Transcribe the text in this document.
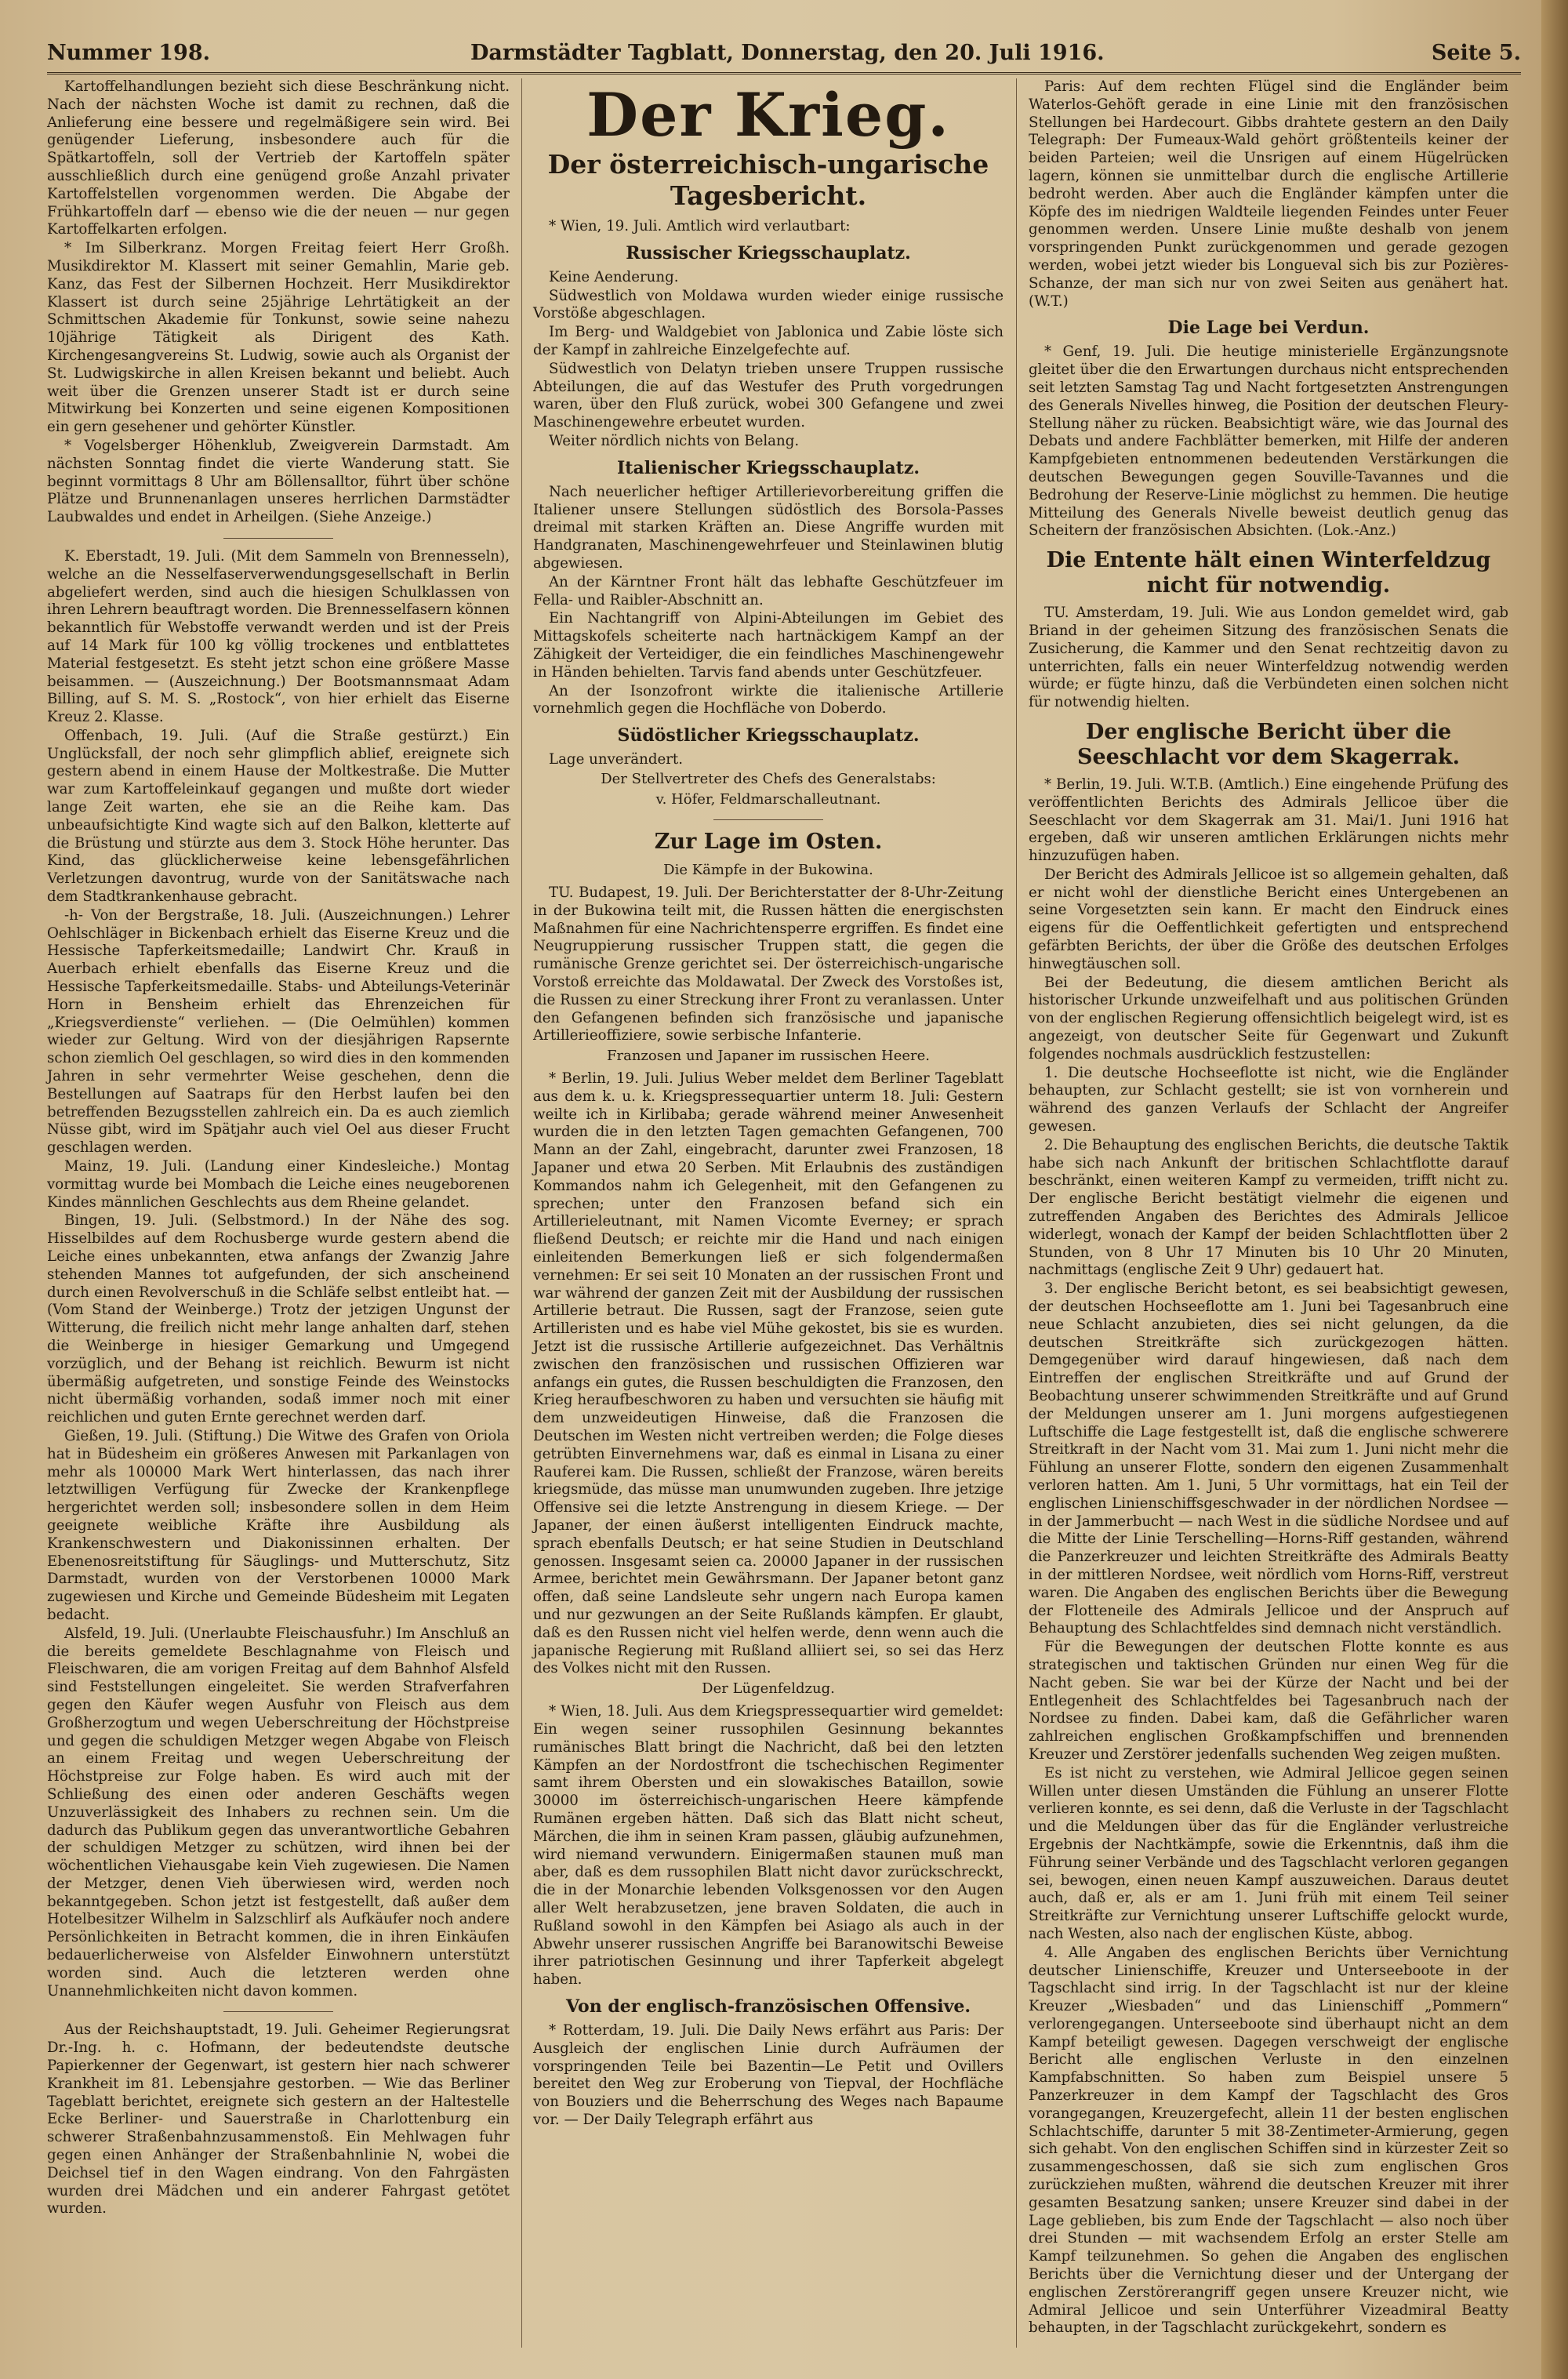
Nummer 198.	Darmstädter Tagblatt, Donnerstag, den 20. Juli 1916.	Seite 5.

Kartoffelhandlungen bezieht sich diese Beschränkung nicht. Nach der nächsten Woche ist damit zu rechnen, daß die Anlieferung eine bessere und regelmäßigere sein wird. Bei genügender Lieferung, insbesondere auch für die Spätkartoffeln, soll der Vertrieb der Kartoffeln später ausschließlich durch eine genügend große Anzahl privater Kartoffelstellen vorgenommen werden. Die Abgabe der Frühkartoffeln darf — ebenso wie die der neuen — nur gegen Kartoffelkarten erfolgen.

* Im Silberkranz. Morgen Freitag feiert Herr Großh. Musikdirektor M. Klassert mit seiner Gemahlin, Marie geb. Kanz, das Fest der Silbernen Hochzeit. Herr Musikdirektor Klassert ist durch seine 25jährige Lehrtätigkeit an der Schmittschen Akademie für Tonkunst, sowie seine nahezu 10jährige Tätigkeit als Dirigent des Kath. Kirchengesangvereins St. Ludwig, sowie auch als Organist der St. Ludwigskirche in allen Kreisen bekannt und beliebt. Auch weit über die Grenzen unserer Stadt ist er durch seine Mitwirkung bei Konzerten und seine eigenen Kompositionen ein gern gesehener und gehörter Künstler.

* Vogelsberger Höhenklub, Zweigverein Darmstadt. Am nächsten Sonntag findet die vierte Wanderung statt. Sie beginnt vormittags 8 Uhr am Böllensalltor, führt über schöne Plätze und Brunnenanlagen unseres herrlichen Darmstädter Laubwaldes und endet in Arheilgen. (Siehe Anzeige.)

K. Eberstadt, 19. Juli. (Mit dem Sammeln von Brennesseln), welche an die Nesselfaserverwendungsgesellschaft in Berlin abgeliefert werden, sind auch die hiesigen Schulklassen von ihren Lehrern beauftragt worden. Die Brennesselfasern können bekanntlich für Webstoffe verwandt werden und ist der Preis auf 14 Mark für 100 kg völlig trockenes und entblattetes Material festgesetzt. Es steht jetzt schon eine größere Masse beisammen. — (Auszeichnung.) Der Bootsmannsmaat Adam Billing, auf S. M. S. „Rostock“, von hier erhielt das Eiserne Kreuz 2. Klasse.

Offenbach, 19. Juli. (Auf die Straße gestürzt.) Ein Unglücksfall, der noch sehr glimpflich ablief, ereignete sich gestern abend in einem Hause der Moltkestraße. Die Mutter war zum Kartoffeleinkauf gegangen und mußte dort wieder lange Zeit warten, ehe sie an die Reihe kam. Das unbeaufsichtigte Kind wagte sich auf den Balkon, kletterte auf die Brüstung und stürzte aus dem 3. Stock Höhe herunter. Das Kind, das glücklicherweise keine lebensgefährlichen Verletzungen davontrug, wurde von der Sanitätswache nach dem Stadtkrankenhause gebracht.

-h- Von der Bergstraße, 18. Juli. (Auszeichnungen.) Lehrer Oehlschläger in Bickenbach erhielt das Eiserne Kreuz und die Hessische Tapferkeitsmedaille; Landwirt Chr. Krauß in Auerbach erhielt ebenfalls das Eiserne Kreuz und die Hessische Tapferkeitsmedaille. Stabs- und Abteilungs-Veterinär Horn in Bensheim erhielt das Ehrenzeichen für „Kriegsverdienste“ verliehen. — (Die Oelmühlen) kommen wieder zur Geltung. Wird von der diesjährigen Rapsernte schon ziemlich Oel geschlagen, so wird dies in den kommenden Jahren in sehr vermehrter Weise geschehen, denn die Bestellungen auf Saatraps für den Herbst laufen bei den betreffenden Bezugsstellen zahlreich ein. Da es auch ziemlich Nüsse gibt, wird im Spätjahr auch viel Oel aus dieser Frucht geschlagen werden.

Mainz, 19. Juli. (Landung einer Kindesleiche.) Montag vormittag wurde bei Mombach die Leiche eines neugeborenen Kindes männlichen Geschlechts aus dem Rheine gelandet.

Bingen, 19. Juli. (Selbstmord.) In der Nähe des sog. Hisselbildes auf dem Rochusberge wurde gestern abend die Leiche eines unbekannten, etwa anfangs der Zwanzig Jahre stehenden Mannes tot aufgefunden, der sich anscheinend durch einen Revolverschuß in die Schläfe selbst entleibt hat. — (Vom Stand der Weinberge.) Trotz der jetzigen Ungunst der Witterung, die freilich nicht mehr lange anhalten darf, stehen die Weinberge in hiesiger Gemarkung und Umgegend vorzüglich, und der Behang ist reichlich. Bewurm ist nicht übermäßig aufgetreten, und sonstige Feinde des Weinstocks nicht übermäßig vorhanden, sodaß immer noch mit einer reichlichen und guten Ernte gerechnet werden darf.

Gießen, 19. Juli. (Stiftung.) Die Witwe des Grafen von Oriola hat in Büdesheim ein größeres Anwesen mit Parkanlagen von mehr als 100000 Mark Wert hinterlassen, das nach ihrer letztwilligen Verfügung für Zwecke der Krankenpflege hergerichtet werden soll; insbesondere sollen in dem Heim geeignete weibliche Kräfte ihre Ausbildung als Krankenschwestern und Diakonissinnen erhalten. Der Ebenenosreitstiftung für Säuglings- und Mutterschutz, Sitz Darmstadt, wurden von der Verstorbenen 10000 Mark zugewiesen und Kirche und Gemeinde Büdesheim mit Legaten bedacht.

Alsfeld, 19. Juli. (Unerlaubte Fleischausfuhr.) Im Anschluß an die bereits gemeldete Beschlagnahme von Fleisch und Fleischwaren, die am vorigen Freitag auf dem Bahnhof Alsfeld sind Feststellungen eingeleitet. Sie werden Strafverfahren gegen den Käufer wegen Ausfuhr von Fleisch aus dem Großherzogtum und wegen Ueberschreitung der Höchstpreise und gegen die schuldigen Metzger wegen Abgabe von Fleisch an einem Freitag und wegen Ueberschreitung der Höchstpreise zur Folge haben. Es wird auch mit der Schließung des einen oder anderen Geschäfts wegen Unzuverlässigkeit des Inhabers zu rechnen sein. Um die dadurch das Publikum gegen das unverantwortliche Gebahren der schuldigen Metzger zu schützen, wird ihnen bei der wöchentlichen Viehausgabe kein Vieh zugewiesen. Die Namen der Metzger, denen Vieh überwiesen wird, werden noch bekanntgegeben. Schon jetzt ist festgestellt, daß außer dem Hotelbesitzer Wilhelm in Salzschlirf als Aufkäufer noch andere Persönlichkeiten in Betracht kommen, die in ihren Einkäufen bedauerlicherweise von Alsfelder Einwohnern unterstützt worden sind. Auch die letzteren werden ohne Unannehmlichkeiten nicht davon kommen.

Aus der Reichshauptstadt, 19. Juli. Geheimer Regierungsrat Dr.-Ing. h. c. Hofmann, der bedeutendste deutsche Papierkenner der Gegenwart, ist gestern hier nach schwerer Krankheit im 81. Lebensjahre gestorben. — Wie das Berliner Tageblatt berichtet, ereignete sich gestern an der Haltestelle Ecke Berliner- und Sauerstraße in Charlottenburg ein schwerer Straßenbahnzusammenstoß. Ein Mehlwagen fuhr gegen einen Anhänger der Straßenbahnlinie N, wobei die Deichsel tief in den Wagen eindrang. Von den Fahrgästen wurden drei Mädchen und ein anderer Fahrgast getötet wurden.

Der Krieg.
Der österreichisch-ungarische Tagesbericht.

* Wien, 19. Juli. Amtlich wird verlautbart:

Russischer Kriegsschauplatz.

Keine Aenderung.

Südwestlich von Moldawa wurden wieder einige russische Vorstöße abgeschlagen.

Im Berg- und Waldgebiet von Jablonica und Zabie löste sich der Kampf in zahlreiche Einzelgefechte auf.

Südwestlich von Delatyn trieben unsere Truppen russische Abteilungen, die auf das Westufer des Pruth vorgedrungen waren, über den Fluß zurück, wobei 300 Gefangene und zwei Maschinengewehre erbeutet wurden.

Weiter nördlich nichts von Belang.

Italienischer Kriegsschauplatz.

Nach neuerlicher heftiger Artillerievorbereitung griffen die Italiener unsere Stellungen südöstlich des Borsola-Passes dreimal mit starken Kräften an. Diese Angriffe wurden mit Handgranaten, Maschinengewehrfeuer und Steinlawinen blutig abgewiesen.

An der Kärntner Front hält das lebhafte Geschützfeuer im Fella- und Raibler-Abschnitt an.

Ein Nachtangriff von Alpini-Abteilungen im Gebiet des Mittagskofels scheiterte nach hartnäckigem Kampf an der Zähigkeit der Verteidiger, die ein feindliches Maschinengewehr in Händen behielten. Tarvis fand abends unter Geschützfeuer.

An der Isonzofront wirkte die italienische Artillerie vornehmlich gegen die Hochfläche von Doberdo.

Südöstlicher Kriegsschauplatz.

Lage unverändert.

Der Stellvertreter des Chefs des Generalstabs:
v. Höfer, Feldmarschalleutnant.
Zur Lage im Osten.
Die Kämpfe in der Bukowina.

TU. Budapest, 19. Juli. Der Berichterstatter der 8-Uhr-Zeitung in der Bukowina teilt mit, die Russen hätten die energischsten Maßnahmen für eine Nachrichtensperre ergriffen. Es findet eine Neugruppierung russischer Truppen statt, die gegen die rumänische Grenze gerichtet sei. Der österreichisch-ungarische Vorstoß erreichte das Moldawatal. Der Zweck des Vorstoßes ist, die Russen zu einer Streckung ihrer Front zu veranlassen. Unter den Gefangenen befinden sich französische und japanische Artillerieoffiziere, sowie serbische Infanterie.

Franzosen und Japaner im russischen Heere.

* Berlin, 19. Juli. Julius Weber meldet dem Berliner Tageblatt aus dem k. u. k. Kriegspressequartier unterm 18. Juli: Gestern weilte ich in Kirlibaba; gerade während meiner Anwesenheit wurden die in den letzten Tagen gemachten Gefangenen, 700 Mann an der Zahl, eingebracht, darunter zwei Franzosen, 18 Japaner und etwa 20 Serben. Mit Erlaubnis des zuständigen Kommandos nahm ich Gelegenheit, mit den Gefangenen zu sprechen; unter den Franzosen befand sich ein Artillerieleutnant, mit Namen Vicomte Everney; er sprach fließend Deutsch; er reichte mir die Hand und nach einigen einleitenden Bemerkungen ließ er sich folgendermaßen vernehmen: Er sei seit 10 Monaten an der russischen Front und war während der ganzen Zeit mit der Ausbildung der russischen Artillerie betraut. Die Russen, sagt der Franzose, seien gute Artilleristen und es habe viel Mühe gekostet, bis sie es wurden. Jetzt ist die russische Artillerie aufgezeichnet. Das Verhältnis zwischen den französischen und russischen Offizieren war anfangs ein gutes, die Russen beschuldigten die Franzosen, den Krieg heraufbeschworen zu haben und versuchten sie häufig mit dem unzweideutigen Hinweise, daß die Franzosen die Deutschen im Westen nicht vertreiben werden; die Folge dieses getrübten Einvernehmens war, daß es einmal in Lisana zu einer Rauferei kam. Die Russen, schließt der Franzose, wären bereits kriegsmüde, das müsse man unumwunden zugeben. Ihre jetzige Offensive sei die letzte Anstrengung in diesem Kriege. — Der Japaner, der einen äußerst intelligenten Eindruck machte, sprach ebenfalls Deutsch; er hat seine Studien in Deutschland genossen. Insgesamt seien ca. 20000 Japaner in der russischen Armee, berichtet mein Gewährsmann. Der Japaner betont ganz offen, daß seine Landsleute sehr ungern nach Europa kamen und nur gezwungen an der Seite Rußlands kämpfen. Er glaubt, daß es den Russen nicht viel helfen werde, denn wenn auch die japanische Regierung mit Rußland alliiert sei, so sei das Herz des Volkes nicht mit den Russen.

Der Lügenfeldzug.

* Wien, 18. Juli. Aus dem Kriegspressequartier wird gemeldet: Ein wegen seiner russophilen Gesinnung bekanntes rumänisches Blatt bringt die Nachricht, daß bei den letzten Kämpfen an der Nordostfront die tschechischen Regimenter samt ihrem Obersten und ein slowakisches Bataillon, sowie 30000 im österreichisch-ungarischen Heere kämpfende Rumänen ergeben hätten. Daß sich das Blatt nicht scheut, Märchen, die ihm in seinen Kram passen, gläubig aufzunehmen, wird niemand verwundern. Einigermaßen staunen muß man aber, daß es dem russophilen Blatt nicht davor zurückschreckt, die in der Monarchie lebenden Volksgenossen vor den Augen aller Welt herabzusetzen, jene braven Soldaten, die auch in Rußland sowohl in den Kämpfen bei Asiago als auch in der Abwehr unserer russischen Angriffe bei Baranowitschi Beweise ihrer patriotischen Gesinnung und ihrer Tapferkeit abgelegt haben.

Von der englisch-französischen Offensive.

* Rotterdam, 19. Juli. Die Daily News erfährt aus Paris: Der Ausgleich der englischen Linie durch Aufräumen der vorspringenden Teile bei Bazentin—Le Petit und Ovillers bereitet den Weg zur Eroberung von Tiepval, der Hochfläche von Bouziers und die Beherrschung des Weges nach Bapaume vor. — Der Daily Telegraph erfährt aus

Paris: Auf dem rechten Flügel sind die Engländer beim Waterlos-Gehöft gerade in eine Linie mit den französischen Stellungen bei Hardecourt. Gibbs drahtete gestern an den Daily Telegraph: Der Fumeaux-Wald gehört größtenteils keiner der beiden Parteien; weil die Unsrigen auf einem Hügelrücken lagern, können sie unmittelbar durch die englische Artillerie bedroht werden. Aber auch die Engländer kämpfen unter die Köpfe des im niedrigen Waldteile liegenden Feindes unter Feuer genommen werden. Unsere Linie mußte deshalb von jenem vorspringenden Punkt zurückgenommen und gerade gezogen werden, wobei jetzt wieder bis Longueval sich bis zur Pozières-Schanze, der man sich nur von zwei Seiten aus genähert hat. (W.T.)

Die Lage bei Verdun.

* Genf, 19. Juli. Die heutige ministerielle Ergänzungsnote gleitet über die den Erwartungen durchaus nicht entsprechenden seit letzten Samstag Tag und Nacht fortgesetzten Anstrengungen des Generals Nivelles hinweg, die Position der deutschen Fleury-Stellung näher zu rücken. Beabsichtigt wäre, wie das Journal des Debats und andere Fachblätter bemerken, mit Hilfe der anderen Kampfgebieten entnommenen bedeutenden Verstärkungen die deutschen Bewegungen gegen Souville-Tavannes und die Bedrohung der Reserve-Linie möglichst zu hemmen. Die heutige Mitteilung des Generals Nivelle beweist deutlich genug das Scheitern der französischen Absichten. (Lok.-Anz.)

Die Entente hält einen Winterfeldzug nicht für notwendig.

TU. Amsterdam, 19. Juli. Wie aus London gemeldet wird, gab Briand in der geheimen Sitzung des französischen Senats die Zusicherung, die Kammer und den Senat rechtzeitig davon zu unterrichten, falls ein neuer Winterfeldzug notwendig werden würde; er fügte hinzu, daß die Verbündeten einen solchen nicht für notwendig hielten.

Der englische Bericht über die Seeschlacht vor dem Skagerrak.

* Berlin, 19. Juli. W.T.B. (Amtlich.) Eine eingehende Prüfung des veröffentlichten Berichts des Admirals Jellicoe über die Seeschlacht vor dem Skagerrak am 31. Mai/1. Juni 1916 hat ergeben, daß wir unseren amtlichen Erklärungen nichts mehr hinzuzufügen haben.

Der Bericht des Admirals Jellicoe ist so allgemein gehalten, daß er nicht wohl der dienstliche Bericht eines Untergebenen an seine Vorgesetzten sein kann. Er macht den Eindruck eines eigens für die Oeffentlichkeit gefertigten und entsprechend gefärbten Berichts, der über die Größe des deutschen Erfolges hinwegtäuschen soll.

Bei der Bedeutung, die diesem amtlichen Bericht als historischer Urkunde unzweifelhaft und aus politischen Gründen von der englischen Regierung offensichtlich beigelegt wird, ist es angezeigt, von deutscher Seite für Gegenwart und Zukunft folgendes nochmals ausdrücklich festzustellen:

1. Die deutsche Hochseeflotte ist nicht, wie die Engländer behaupten, zur Schlacht gestellt; sie ist von vornherein und während des ganzen Verlaufs der Schlacht der Angreifer gewesen.

2. Die Behauptung des englischen Berichts, die deutsche Taktik habe sich nach Ankunft der britischen Schlachtflotte darauf beschränkt, einen weiteren Kampf zu vermeiden, trifft nicht zu. Der englische Bericht bestätigt vielmehr die eigenen und zutreffenden Angaben des Berichtes des Admirals Jellicoe widerlegt, wonach der Kampf der beiden Schlachtflotten über 2 Stunden, von 8 Uhr 17 Minuten bis 10 Uhr 20 Minuten, nachmittags (englische Zeit 9 Uhr) gedauert hat.

3. Der englische Bericht betont, es sei beabsichtigt gewesen, der deutschen Hochseeflotte am 1. Juni bei Tagesanbruch eine neue Schlacht anzubieten, dies sei nicht gelungen, da die deutschen Streitkräfte sich zurückgezogen hätten. Demgegenüber wird darauf hingewiesen, daß nach dem Eintreffen der englischen Streitkräfte und auf Grund der Beobachtung unserer schwimmenden Streitkräfte und auf Grund der Meldungen unserer am 1. Juni morgens aufgestiegenen Luftschiffe die Lage festgestellt ist, daß die englische schwerere Streitkraft in der Nacht vom 31. Mai zum 1. Juni nicht mehr die Fühlung an unserer Flotte, sondern den eigenen Zusammenhalt verloren hatten. Am 1. Juni, 5 Uhr vormittags, hat ein Teil der englischen Linienschiffsgeschwader in der nördlichen Nordsee — in der Jammerbucht — nach West in die südliche Nordsee und auf die Mitte der Linie Terschelling—Horns-Riff gestanden, während die Panzerkreuzer und leichten Streitkräfte des Admirals Beatty in der mittleren Nordsee, weit nördlich vom Horns-Riff, verstreut waren. Die Angaben des englischen Berichts über die Bewegung der Flotteneile des Admirals Jellicoe und der Anspruch auf Behauptung des Schlachtfeldes sind demnach nicht verständlich.

Für die Bewegungen der deutschen Flotte konnte es aus strategischen und taktischen Gründen nur einen Weg für die Nacht geben. Sie war bei der Kürze der Nacht und bei der Entlegenheit des Schlachtfeldes bei Tagesanbruch nach der Nordsee zu finden. Dabei kam, daß die Gefährlicher waren zahlreichen englischen Großkampfschiffen und brennenden Kreuzer und Zerstörer jedenfalls suchenden Weg zeigen mußten.

Es ist nicht zu verstehen, wie Admiral Jellicoe gegen seinen Willen unter diesen Umständen die Fühlung an unserer Flotte verlieren konnte, es sei denn, daß die Verluste in der Tagschlacht und die Meldungen über das für die Engländer verlustreiche Ergebnis der Nachtkämpfe, sowie die Erkenntnis, daß ihm die Führung seiner Verbände und des Tagschlacht verloren gegangen sei, bewogen, einen neuen Kampf auszuweichen. Daraus deutet auch, daß er, als er am 1. Juni früh mit einem Teil seiner Streitkräfte zur Vernichtung unserer Luftschiffe gelockt wurde, nach Westen, also nach der englischen Küste, abbog.

4. Alle Angaben des englischen Berichts über Vernichtung deutscher Linienschiffe, Kreuzer und Unterseeboote in der Tagschlacht sind irrig. In der Tagschlacht ist nur der kleine Kreuzer „Wiesbaden“ und das Linienschiff „Pommern“ verlorengegangen. Unterseeboote sind überhaupt nicht an dem Kampf beteiligt gewesen. Dagegen verschweigt der englische Bericht alle englischen Verluste in den einzelnen Kampfabschnitten. So haben zum Beispiel unsere 5 Panzerkreuzer in dem Kampf der Tagschlacht des Gros vorangegangen, Kreuzergefecht, allein 11 der besten englischen Schlachtschiffe, darunter 5 mit 38-Zentimeter-Armierung, gegen sich gehabt. Von den englischen Schiffen sind in kürzester Zeit so zusammengeschossen, daß sie sich zum englischen Gros zurückziehen mußten, während die deutschen Kreuzer mit ihrer gesamten Besatzung sanken; unsere Kreuzer sind dabei in der Lage geblieben, bis zum Ende der Tagschlacht — also noch über drei Stunden — mit wachsendem Erfolg an erster Stelle am Kampf teilzunehmen. So gehen die Angaben des englischen Berichts über die Vernichtung dieser und der Untergang der englischen Zerstörerangriff gegen unsere Kreuzer nicht, wie Admiral Jellicoe und sein Unterführer Vizeadmiral Beatty behaupten, in der Tagschlacht zurückgekehrt, sondern es
